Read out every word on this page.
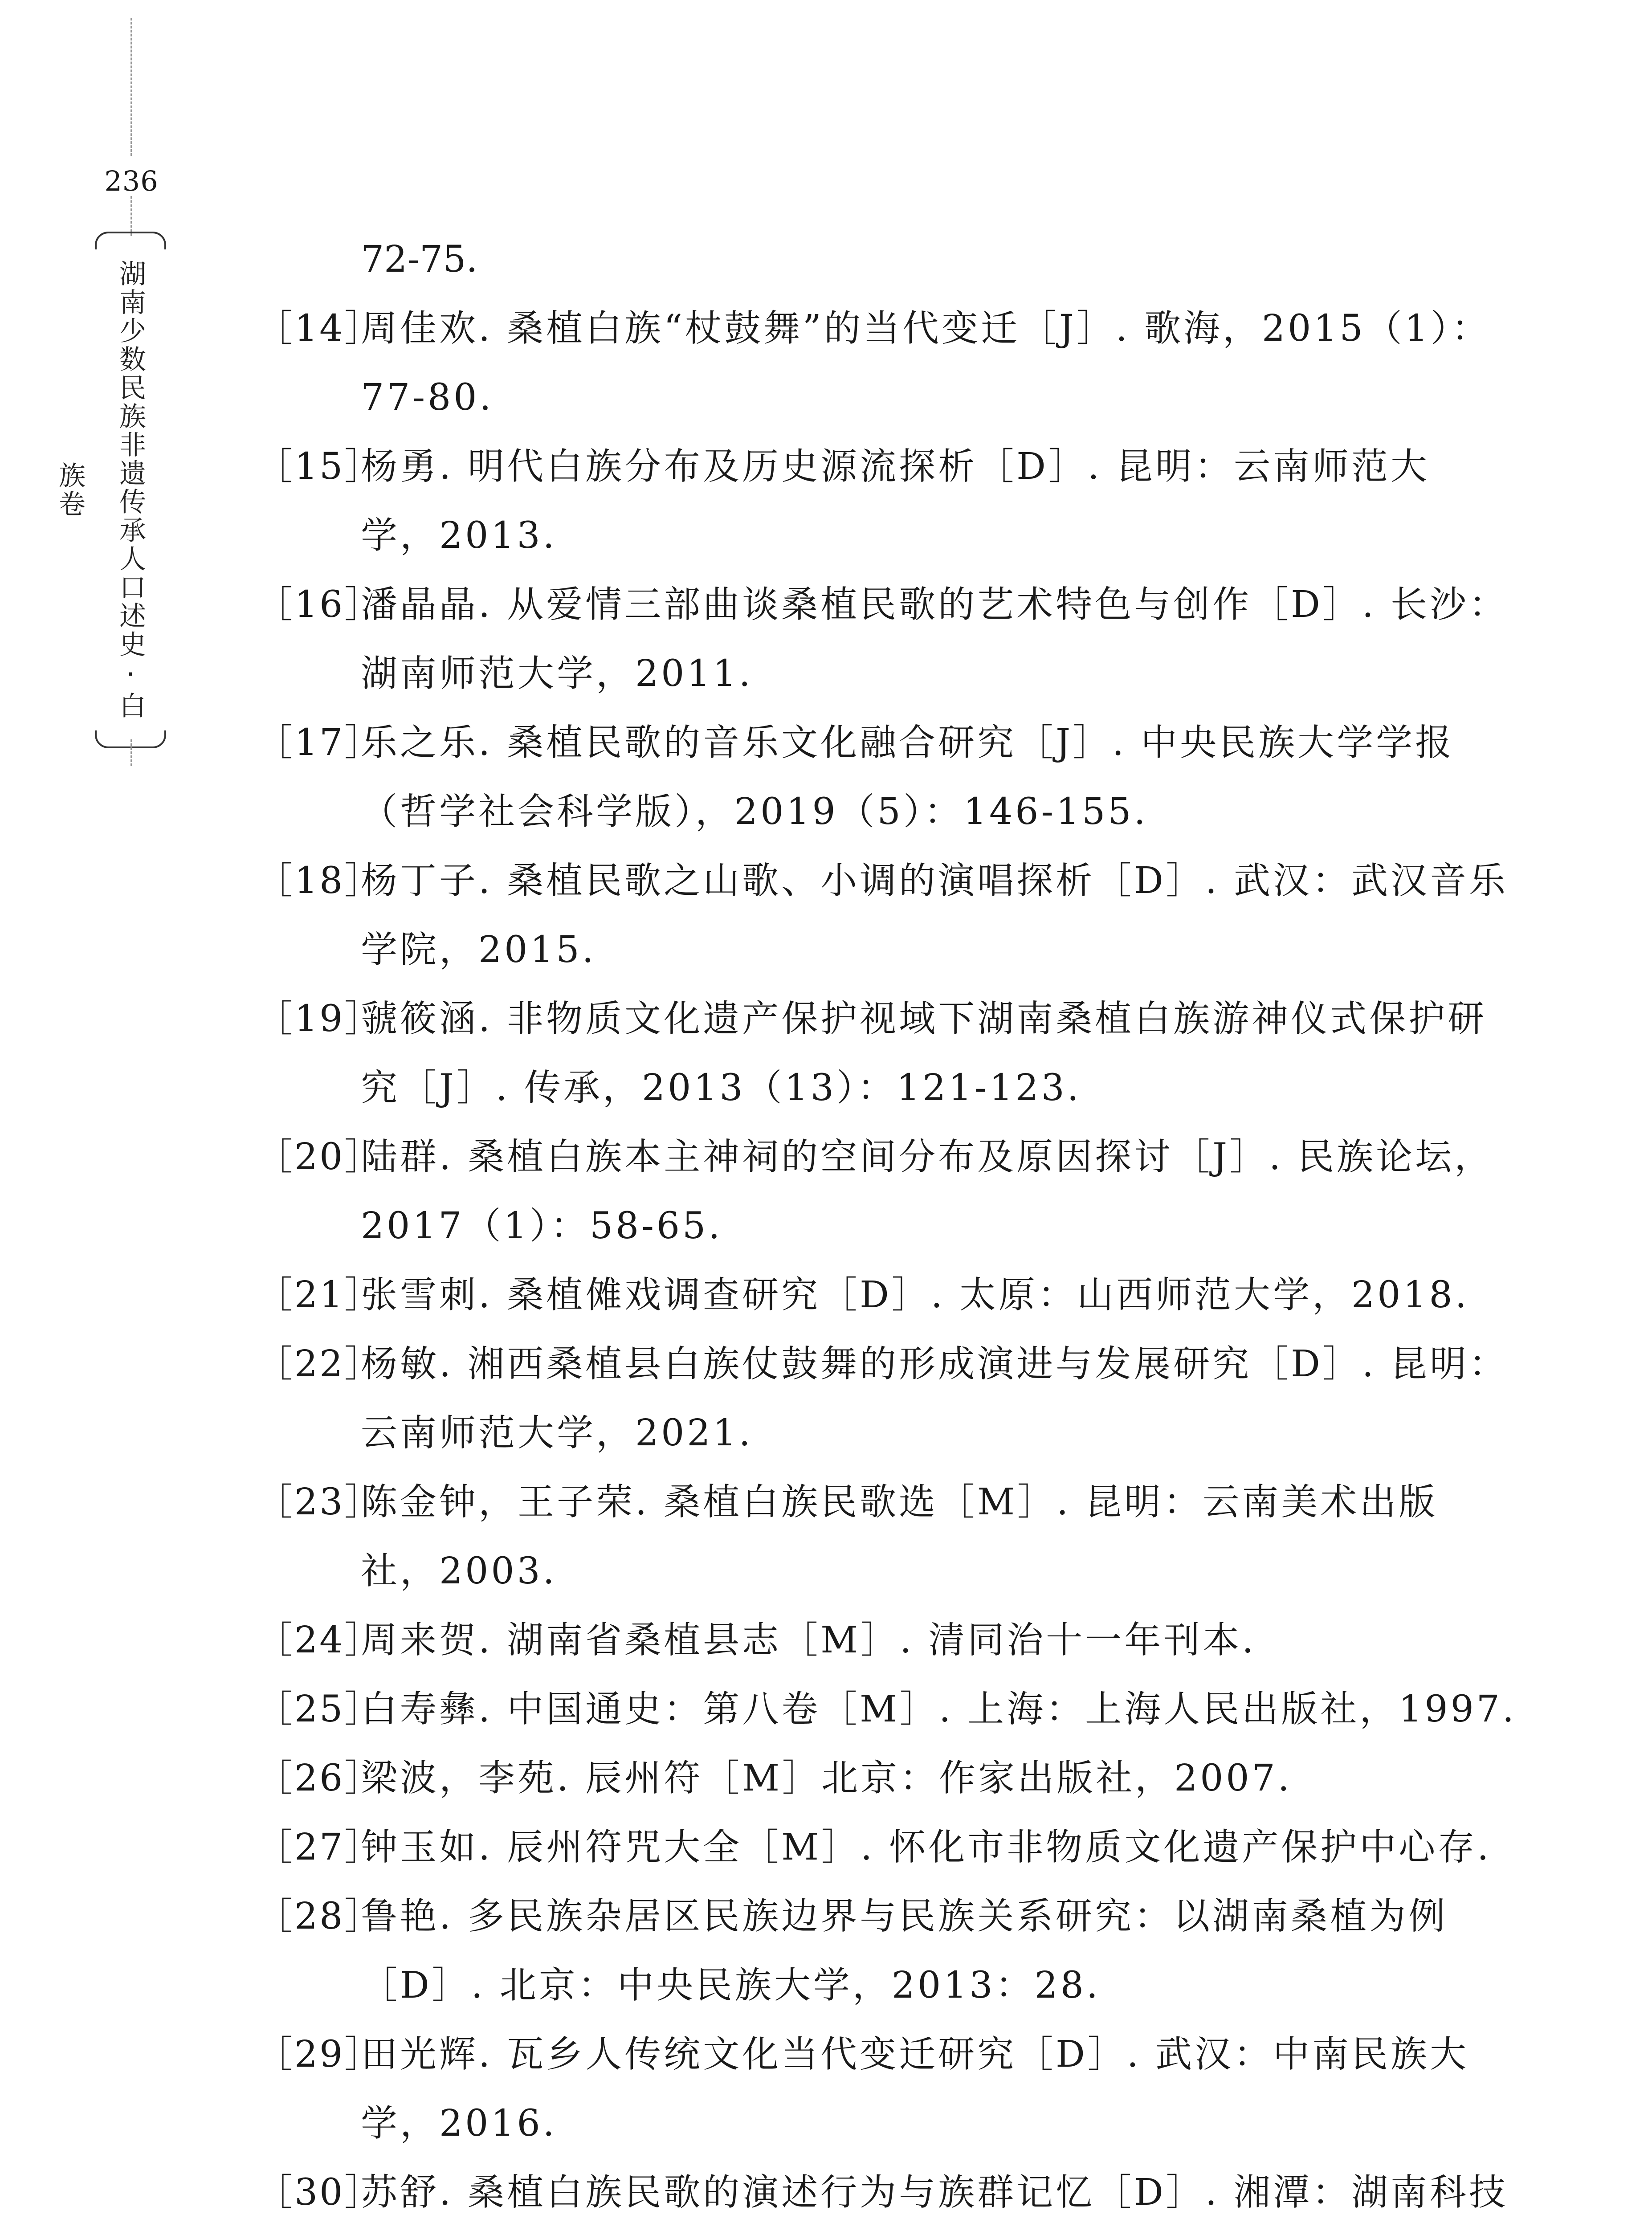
236
湖南少数民族非遗传承人口述史·白族卷
72-75.
［14］
周佳欢. 桑植白族“杖鼓舞”的当代变迁［J］. 歌海，2015（1）：
77-80.
［15］
杨勇. 明代白族分布及历史源流探析［D］. 昆明：云南师范大
学，2013.
［16］
潘晶晶. 从爱情三部曲谈桑植民歌的艺术特色与创作［D］. 长沙：
湖南师范大学，2011.
［17］
乐之乐. 桑植民歌的音乐文化融合研究［J］. 中央民族大学学报
（哲学社会科学版），2019（5）：146-155.
［18］
杨丁子. 桑植民歌之山歌、小调的演唱探析［D］. 武汉：武汉音乐
学院，2015.
［19］
虢筱涵. 非物质文化遗产保护视域下湖南桑植白族游神仪式保护研
究［J］. 传承，2013（13）：121-123.
［20］
陆群. 桑植白族本主神祠的空间分布及原因探讨［J］. 民族论坛，
2017（1）：58-65.
［21］
张雪刺. 桑植傩戏调查研究［D］. 太原：山西师范大学，2018.
［22］
杨敏. 湘西桑植县白族仗鼓舞的形成演进与发展研究［D］. 昆明：
云南师范大学，2021.
［23］
陈金钟，王子荣. 桑植白族民歌选［M］. 昆明：云南美术出版
社，2003.
［24］
周来贺. 湖南省桑植县志［M］. 清同治十一年刊本.
［25］
白寿彝. 中国通史：第八卷［M］. 上海：上海人民出版社，1997.
［26］
梁波，李苑. 辰州符［M］北京：作家出版社，2007.
［27］
钟玉如. 辰州符咒大全［M］. 怀化市非物质文化遗产保护中心存.
［28］
鲁艳. 多民族杂居区民族边界与民族关系研究：以湖南桑植为例
［D］. 北京：中央民族大学，2013：28.
［29］
田光辉. 瓦乡人传统文化当代变迁研究［D］. 武汉：中南民族大
学，2016.
［30］
苏舒. 桑植白族民歌的演述行为与族群记忆［D］. 湘潭：湖南科技
